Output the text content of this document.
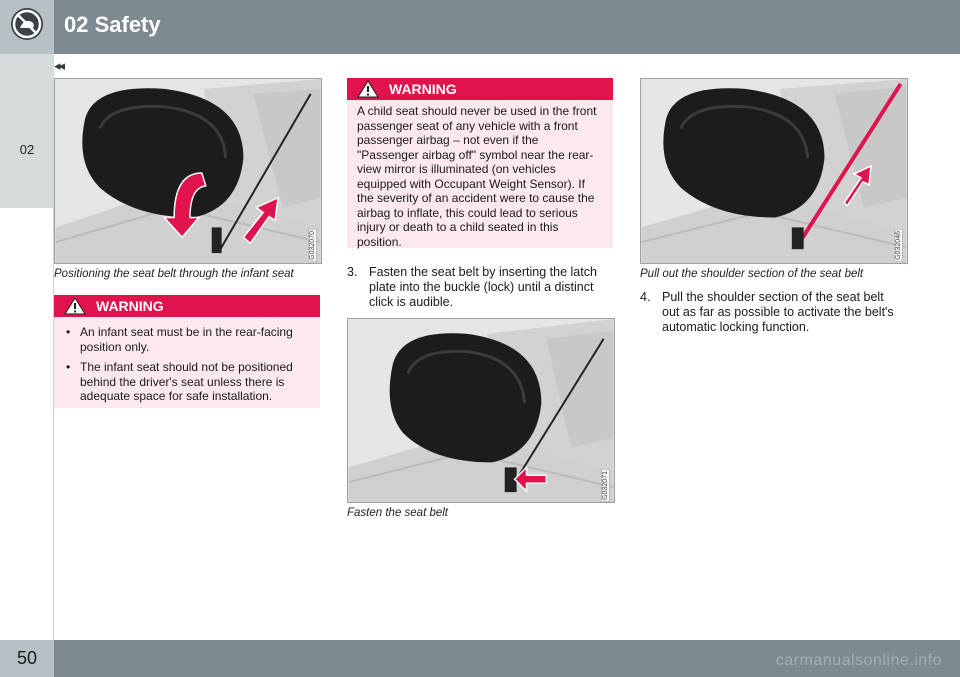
02 Safety
◂◂
02
G032070
Positioning the seat belt through the infant seat
WARNING
• An infant seat must be in the rear-facing position only.
• The infant seat should not be positioned behind the driver's seat unless there is adequate space for safe installation.
WARNING
A child seat should never be used in the front passenger seat of any vehicle with a front passenger airbag – not even if the "Passenger airbag off" symbol near the rear-view mirror is illuminated (on vehicles equipped with Occupant Weight Sensor). If the severity of an accident were to cause the airbag to inflate, this could lead to serious injury or death to a child seated in this position.
3. Fasten the seat belt by inserting the latch plate into the buckle (lock) until a distinct click is audible.
G032071
Fasten the seat belt
G032046
Pull out the shoulder section of the seat belt
4. Pull the shoulder section of the seat belt out as far as possible to activate the belt's automatic locking function.
50	carmanualsonline.info
